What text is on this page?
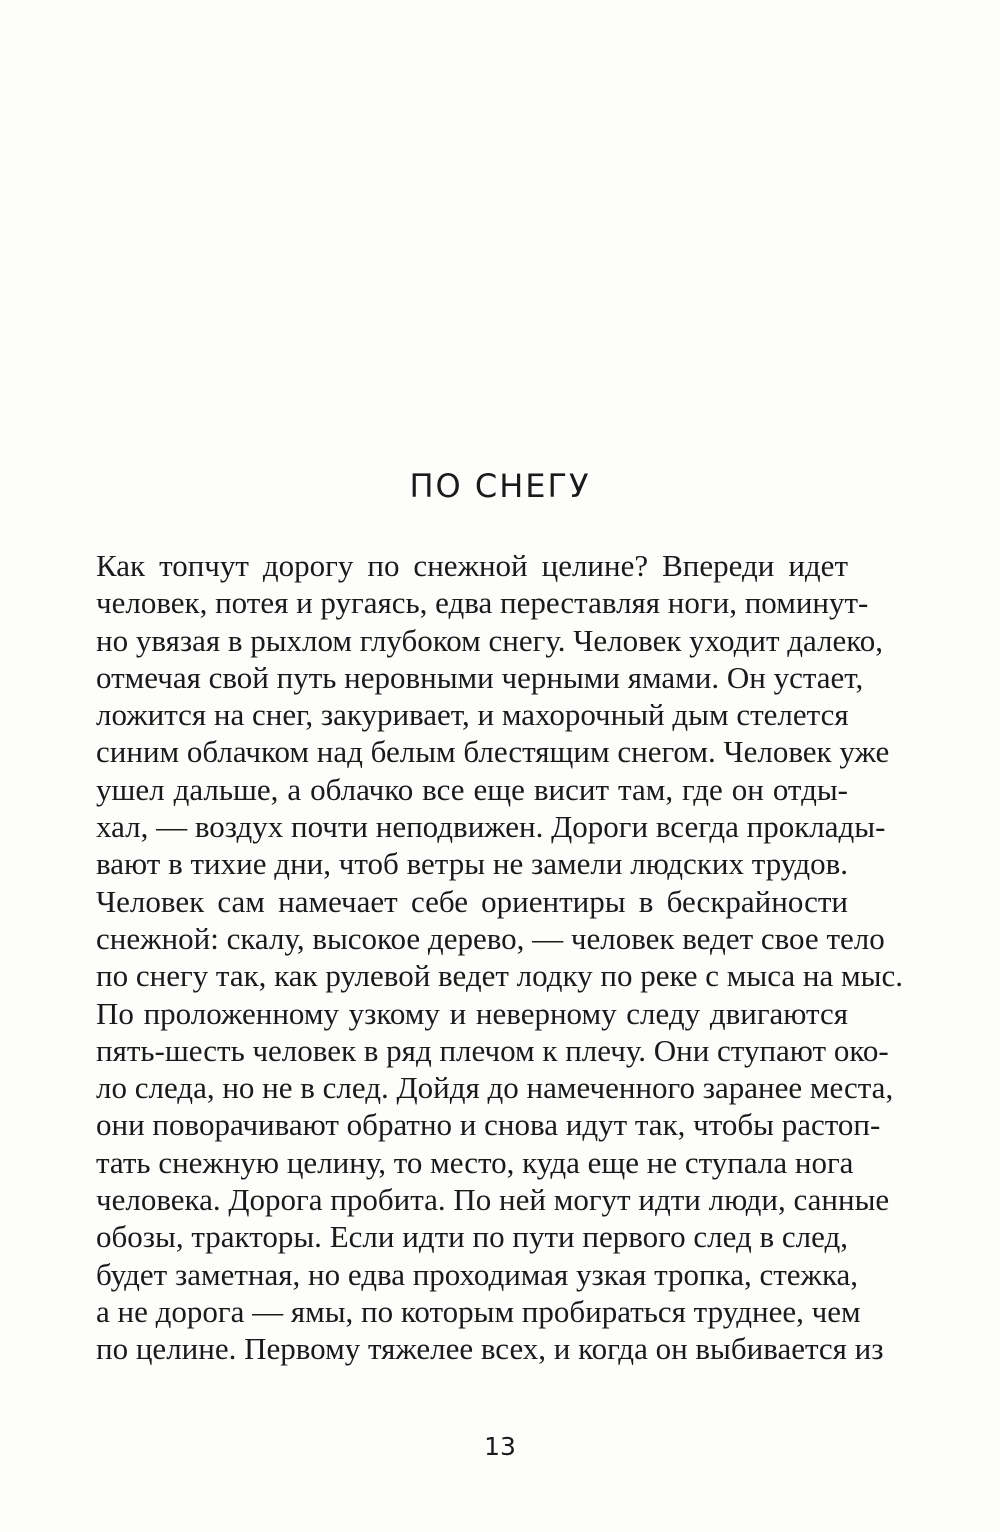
ПО СНЕГУ
Как топчут дорогу по снежной целине? Впереди идет
человек, потея и ругаясь, едва переставляя ноги, поминут-
но увязая в рыхлом глубоком снегу. Человек уходит далеко,
отмечая свой путь неровными черными ямами. Он устает,
ложится на снег, закуривает, и махорочный дым стелется
синим облачком над белым блестящим снегом. Человек уже
ушел дальше, а облачко все еще висит там, где он отды-
хал, — воздух почти неподвижен. Дороги всегда проклады-
вают в тихие дни, чтоб ветры не замели людских трудов.
Человек сам намечает себе ориентиры в бескрайности
снежной: скалу, высокое дерево, — человек ведет свое тело
по снегу так, как рулевой ведет лодку по реке с мыса на мыс.
По проложенному узкому и неверному следу двигаются
пять-шесть человек в ряд плечом к плечу. Они ступают око-
ло следа, но не в след. Дойдя до намеченного заранее места,
они поворачивают обратно и снова идут так, чтобы растоп-
тать снежную целину, то место, куда еще не ступала нога
человека. Дорога пробита. По ней могут идти люди, санные
обозы, тракторы. Если идти по пути первого след в след,
будет заметная, но едва проходимая узкая тропка, стежка,
а не дорога — ямы, по которым пробираться труднее, чем
по целине. Первому тяжелее всех, и когда он выбивается из
13
